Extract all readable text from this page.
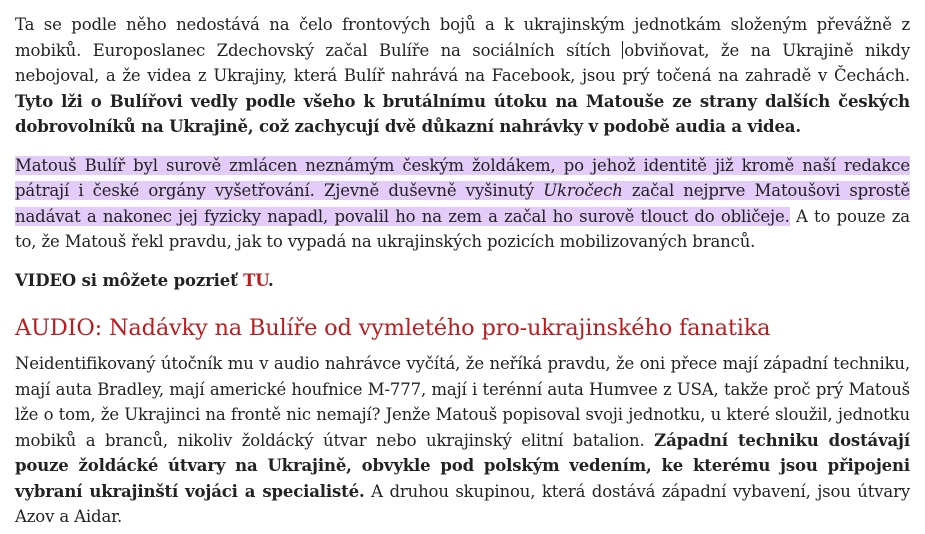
Ta se podle něho nedostává na čelo frontových bojů a k ukrajinským jednotkám složeným převážně z mobiků. Europoslanec Zdechovský začal Bulíře na sociálních sítích obviňovat, že na Ukrajině nikdy nebojoval, a že videa z Ukrajiny, která Bulíř nahrává na Facebook, jsou prý točená na zahradě v Čechách. Tyto lži o Bulířovi vedly podle všeho k brutálnímu útoku na Matouše ze strany dalších českých dobrovolníků na Ukrajině, což zachycují dvě důkazní nahrávky v podobě audia a videa.

Matouš Bulíř byl surově zmlácen neznámým českým žoldákem, po jehož identitě již kromě naší redakce pátrají i české orgány vyšetřování. Zjevně duševně vyšinutý Ukročech začal nejprve Matoušovi sprostě nadávat a nakonec jej fyzicky napadl, povalil ho na zem a začal ho surově tlouct do obličeje. A to pouze za to, že Matouš řekl pravdu, jak to vypadá na ukrajinských pozicích mobilizovaných branců.

VIDEO si môžete pozrieť TU.

AUDIO: Nadávky na Bulíře od vymletého pro-ukrajinského fanatika

Neidentifikovaný útočník mu v audio nahrávce vyčítá, že neříká pravdu, že oni přece mají západní techniku, mají auta Bradley, mají americké houfnice M-777, mají i terénní auta Humvee z USA, takže proč prý Matouš lže o tom, že Ukrajinci na frontě nic nemají? Jenže Matouš popisoval svoji jednotku, u které sloužil, jednotku mobiků a branců, nikoliv žoldácký útvar nebo ukrajinský elitní batalion. Západní techniku dostávají pouze žoldácké útvary na Ukrajině, obvykle pod polským vedením, ke kterému jsou připojeni vybraní ukrajinští vojáci a specialisté. A druhou skupinou, která dostává západní vybavení, jsou útvary Azov a Aidar.
